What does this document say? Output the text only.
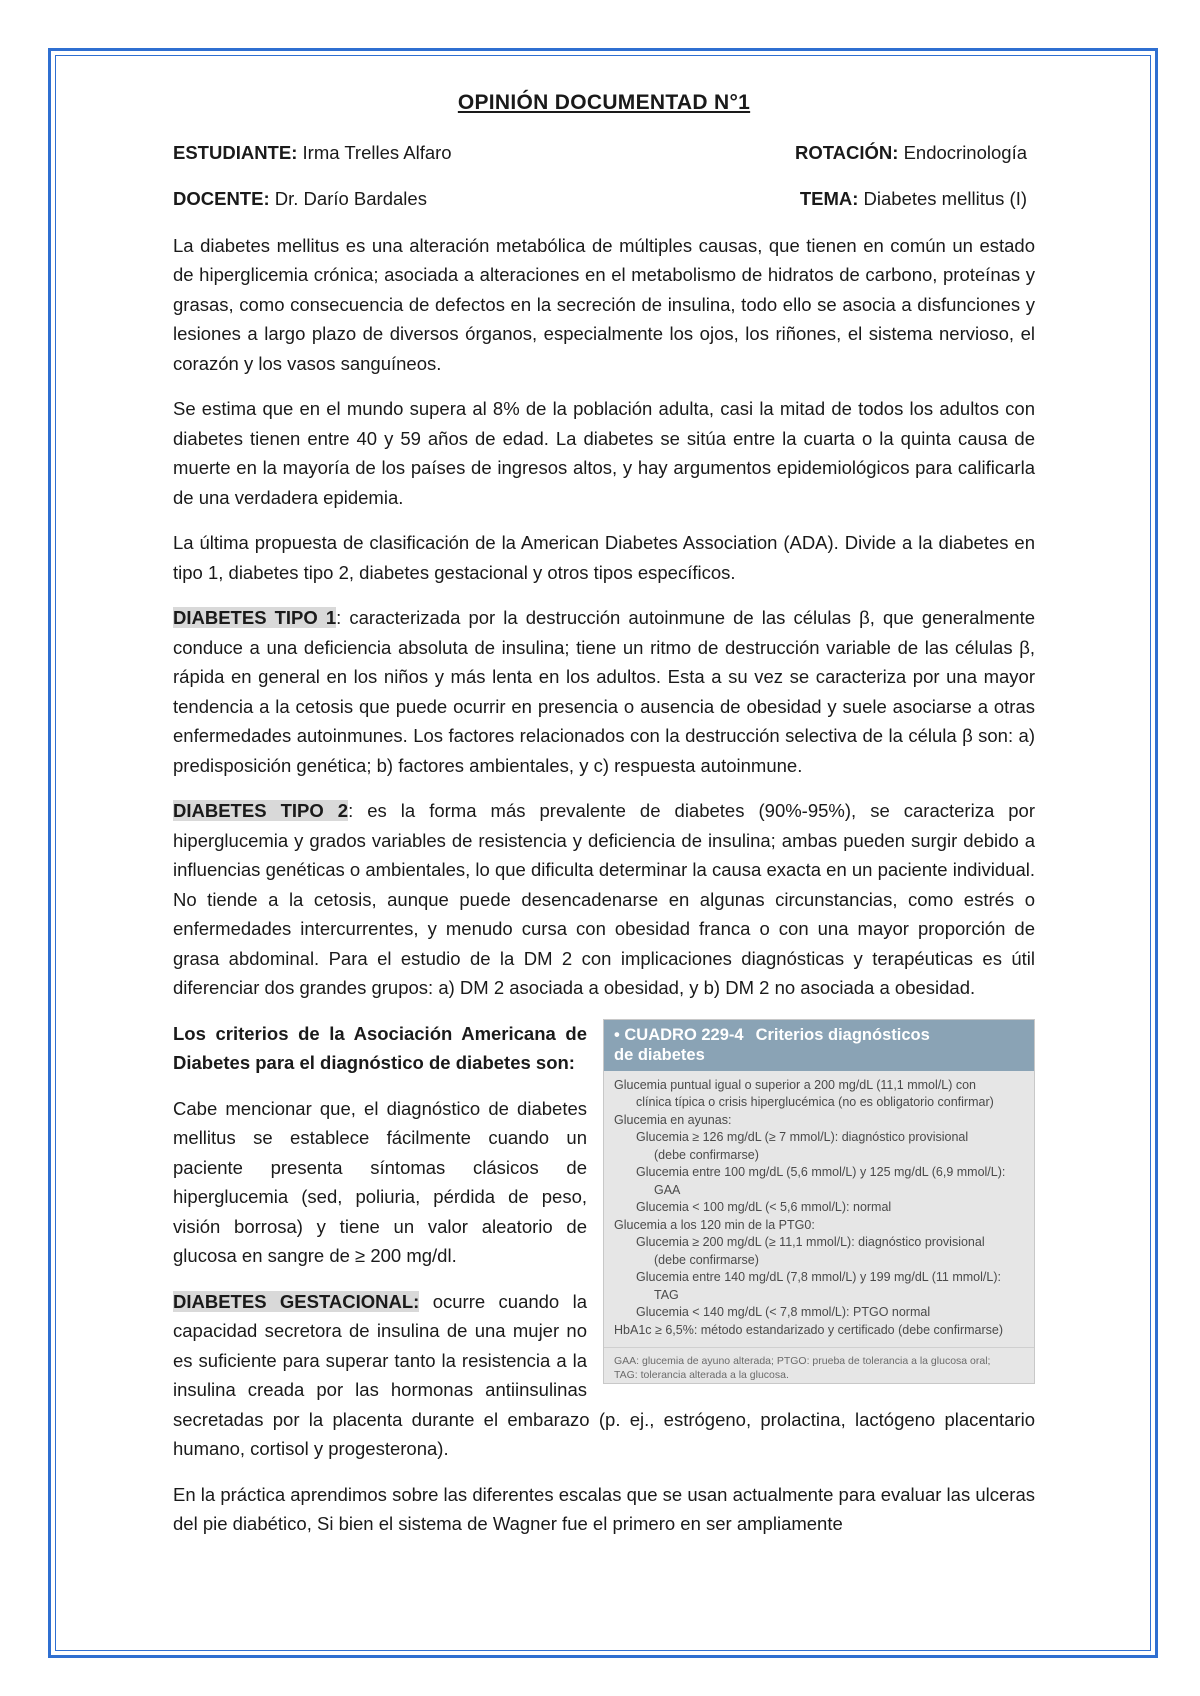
OPINIÓN DOCUMENTAD N°1
ESTUDIANTE: Irma Trelles Alfaro	ROTACIÓN: Endocrinología
DOCENTE: Dr. Darío Bardales	TEMA: Diabetes mellitus (I)

La diabetes mellitus es una alteración metabólica de múltiples causas, que tienen en común un estado de hiperglicemia crónica; asociada a alteraciones en el metabolismo de hidratos de carbono, proteínas y grasas, como consecuencia de defectos en la secreción de insulina, todo ello se asocia a disfunciones y lesiones a largo plazo de diversos órganos, especialmente los ojos, los riñones, el sistema nervioso, el corazón y los vasos sanguíneos.

Se estima que en el mundo supera al 8% de la población adulta, casi la mitad de todos los adultos con diabetes tienen entre 40 y 59 años de edad. La diabetes se sitúa entre la cuarta o la quinta causa de muerte en la mayoría de los países de ingresos altos, y hay argumentos epidemiológicos para calificarla de una verdadera epidemia.

La última propuesta de clasificación de la American Diabetes Association (ADA). Divide a la diabetes en tipo 1, diabetes tipo 2, diabetes gestacional y otros tipos específicos.

DIABETES TIPO 1: caracterizada por la destrucción autoinmune de las células β, que generalmente conduce a una deficiencia absoluta de insulina; tiene un ritmo de destrucción variable de las células β, rápida en general en los niños y más lenta en los adultos. Esta a su vez se caracteriza por una mayor tendencia a la cetosis que puede ocurrir en presencia o ausencia de obesidad y suele asociarse a otras enfermedades autoinmunes. Los factores relacionados con la destrucción selectiva de la célula β son: a) predisposición genética; b) factores ambientales, y c) respuesta autoinmune.

DIABETES TIPO 2: es la forma más prevalente de diabetes (90%-95%), se caracteriza por hiperglucemia y grados variables de resistencia y deficiencia de insulina; ambas pueden surgir debido a influencias genéticas o ambientales, lo que dificulta determinar la causa exacta en un paciente individual. No tiende a la cetosis, aunque puede desencadenarse en algunas circunstancias, como estrés o enfermedades intercurrentes, y menudo cursa con obesidad franca o con una mayor proporción de grasa abdominal. Para el estudio de la DM 2 con implicaciones diagnósticas y terapéuticas es útil diferenciar dos grandes grupos: a) DM 2 asociada a obesidad, y b) DM 2 no asociada a obesidad.

• CUADRO 229-4 Criterios diagnósticos
de diabetes
Glucemia puntual igual o superior a 200 mg/dL (11,1 mmol/L) con
clínica típica o crisis hiperglucémica (no es obligatorio confirmar)
Glucemia en ayunas:
Glucemia ≥ 126 mg/dL (≥ 7 mmol/L): diagnóstico provisional
(debe confirmarse)
Glucemia entre 100 mg/dL (5,6 mmol/L) y 125 mg/dL (6,9 mmol/L):
GAA
Glucemia < 100 mg/dL (< 5,6 mmol/L): normal
Glucemia a los 120 min de la PTG0:
Glucemia ≥ 200 mg/dL (≥ 11,1 mmol/L): diagnóstico provisional
(debe confirmarse)
Glucemia entre 140 mg/dL (7,8 mmol/L) y 199 mg/dL (11 mmol/L):
TAG
Glucemia < 140 mg/dL (< 7,8 mmol/L): PTGO normal
HbA1c ≥ 6,5%: método estandarizado y certificado (debe confirmarse)
GAA: glucemia de ayuno alterada; PTGO: prueba de tolerancia a la glucosa oral;
TAG: tolerancia alterada a la glucosa.

Los criterios de la Asociación Americana de Diabetes para el diagnóstico de diabetes son:

Cabe mencionar que, el diagnóstico de diabetes mellitus se establece fácilmente cuando un paciente presenta síntomas clásicos de hiperglucemia (sed, poliuria, pérdida de peso, visión borrosa) y tiene un valor aleatorio de glucosa en sangre de ≥ 200 mg/dl.

DIABETES GESTACIONAL: ocurre cuando la capacidad secretora de insulina de una mujer no es suficiente para superar tanto la resistencia a la insulina creada por las hormonas antiinsulinas secretadas por la placenta durante el embarazo (p. ej., estrógeno, prolactina, lactógeno placentario humano, cortisol y progesterona).

En la práctica aprendimos sobre las diferentes escalas que se usan actualmente para evaluar las ulceras del pie diabético, Si bien el sistema de Wagner fue el primero en ser ampliamente
